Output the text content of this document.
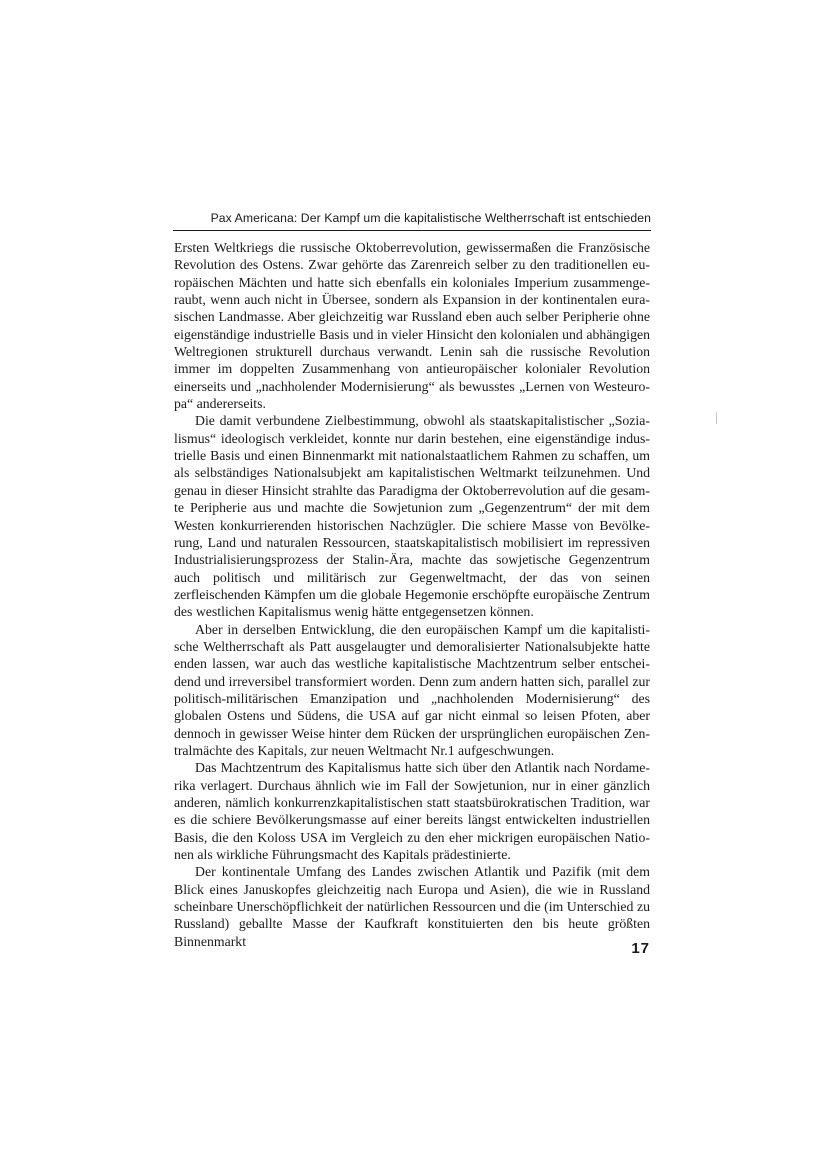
Pax Americana: Der Kampf um die kapitalistische Weltherrschaft ist entschieden

Ersten Weltkriegs die russische Oktoberrevolution, gewissermaßen die Französische Revolution des Ostens. Zwar gehörte das Zarenreich selber zu den traditionellen europäischen Mächten und hatte sich ebenfalls ein koloniales Imperium zusammengeraubt, wenn auch nicht in Übersee, sondern als Expansion in der kontinentalen eurasischen Landmasse. Aber gleichzeitig war Russland eben auch selber Peripherie ohne eigenständige industrielle Basis und in vieler Hinsicht den kolonialen und abhängigen Weltregionen strukturell durchaus verwandt. Lenin sah die russische Revolution immer im doppelten Zusammenhang von antieuropäischer kolonialer Revolution einerseits und „nachholender Modernisierung“ als bewusstes „Lernen von Westeuropa“ andererseits.

Die damit verbundene Zielbestimmung, obwohl als staatskapitalistischer „Sozialismus“ ideologisch verkleidet, konnte nur darin bestehen, eine eigenständige industrielle Basis und einen Binnenmarkt mit nationalstaatlichem Rahmen zu schaffen, um als selbständiges Nationalsubjekt am kapitalistischen Weltmarkt teilzunehmen. Und genau in dieser Hinsicht strahlte das Paradigma der Oktoberrevolution auf die gesamte Peripherie aus und machte die Sowjetunion zum „Gegenzentrum“ der mit dem Westen konkurrierenden historischen Nachzügler. Die schiere Masse von Bevölkerung, Land und naturalen Ressourcen, staatskapitalistisch mobilisiert im repressiven Industrialisierungsprozess der Stalin-Ära, machte das sowjetische Gegenzentrum auch politisch und militärisch zur Gegenweltmacht, der das von seinen zerfleischenden Kämpfen um die globale Hegemonie erschöpfte europäische Zentrum des westlichen Kapitalismus wenig hätte entgegensetzen können.

Aber in derselben Entwicklung, die den europäischen Kampf um die kapitalistische Weltherrschaft als Patt ausgelaugter und demoralisierter Nationalsubjekte hatte enden lassen, war auch das westliche kapitalistische Machtzentrum selber entscheidend und irreversibel transformiert worden. Denn zum andern hatten sich, parallel zur politisch-militärischen Emanzipation und „nachholenden Modernisierung“ des globalen Ostens und Südens, die USA auf gar nicht einmal so leisen Pfoten, aber dennoch in gewisser Weise hinter dem Rücken der ursprünglichen europäischen Zentralmächte des Kapitals, zur neuen Weltmacht Nr.1 aufgeschwungen.

Das Machtzentrum des Kapitalismus hatte sich über den Atlantik nach Nordamerika verlagert. Durchaus ähnlich wie im Fall der Sowjetunion, nur in einer gänzlich anderen, nämlich konkurrenzkapitalistischen statt staatsbürokratischen Tradition, war es die schiere Bevölkerungsmasse auf einer bereits längst entwickelten industriellen Basis, die den Koloss USA im Vergleich zu den eher mickrigen europäischen Nationen als wirkliche Führungsmacht des Kapitals prädestinierte.

Der kontinentale Umfang des Landes zwischen Atlantik und Pazifik (mit dem Blick eines Januskopfes gleichzeitig nach Europa und Asien), die wie in Russland scheinbare Unerschöpflichkeit der natürlichen Ressourcen und die (im Unterschied zu Russland) geballte Masse der Kaufkraft konstituierten den bis heute größten Binnenmarkt	17
